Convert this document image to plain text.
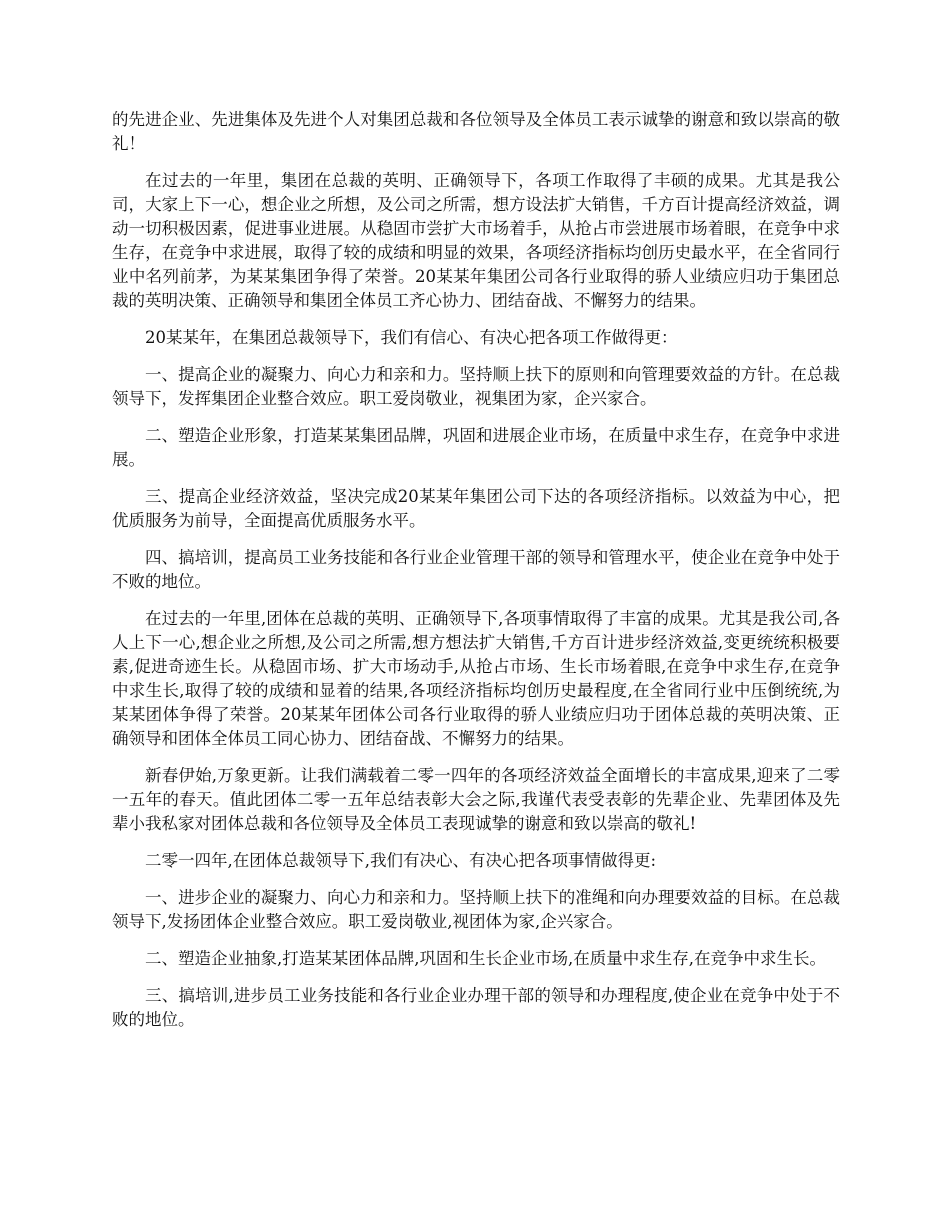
的先进企业、先进集体及先进个人对集团总裁和各位领导及全体员工表示诚挚的谢意和致以崇高的敬礼！

在过去的一年里，集团在总裁的英明、正确领导下，各项工作取得了丰硕的成果。尤其是我公司，大家上下一心，想企业之所想，及公司之所需，想方设法扩大销售，千方百计提高经济效益，调动一切积极因素，促进事业进展。从稳固市尝扩大市场着手，从抢占市尝进展市场着眼，在竞争中求生存，在竞争中求进展，取得了较的成绩和明显的效果，各项经济指标均创历史最水平，在全省同行业中名列前茅，为某某集团争得了荣誉。20某某年集团公司各行业取得的骄人业绩应归功于集团总裁的英明决策、正确领导和集团全体员工齐心协力、团结奋战、不懈努力的结果。

20某某年，在集团总裁领导下，我们有信心、有决心把各项工作做得更：

一、提高企业的凝聚力、向心力和亲和力。坚持顺上扶下的原则和向管理要效益的方针。在总裁领导下，发挥集团企业整合效应。职工爱岗敬业，视集团为家，企兴家合。

二、塑造企业形象，打造某某集团品牌，巩固和进展企业市场，在质量中求生存，在竞争中求进展。

三、提高企业经济效益，坚决完成20某某年集团公司下达的各项经济指标。以效益为中心，把优质服务为前导，全面提高优质服务水平。

四、搞培训，提高员工业务技能和各行业企业管理干部的领导和管理水平，使企业在竞争中处于不败的地位。

在过去的一年里,团体在总裁的英明、正确领导下,各项事情取得了丰富的成果。尤其是我公司,各人上下一心,想企业之所想,及公司之所需,想方想法扩大销售,千方百计进步经济效益,变更统统积极要素,促进奇迹生长。从稳固市场、扩大市场动手,从抢占市场、生长市场着眼,在竞争中求生存,在竞争中求生长,取得了较的成绩和显着的结果,各项经济指标均创历史最程度,在全省同行业中压倒统统,为某某团体争得了荣誉。20某某年团体公司各行业取得的骄人业绩应归功于团体总裁的英明决策、正确领导和团体全体员工同心协力、团结奋战、不懈努力的结果。

新春伊始,万象更新。让我们满载着二零一四年的各项经济效益全面增长的丰富成果,迎来了二零一五年的春天。值此团体二零一五年总结表彰大会之际,我谨代表受表彰的先辈企业、先辈团体及先辈小我私家对团体总裁和各位领导及全体员工表现诚挚的谢意和致以崇高的敬礼!

二零一四年,在团体总裁领导下,我们有决心、有决心把各项事情做得更:

一、进步企业的凝聚力、向心力和亲和力。坚持顺上扶下的准绳和向办理要效益的目标。在总裁领导下,发扬团体企业整合效应。职工爱岗敬业,视团体为家,企兴家合。

二、塑造企业抽象,打造某某团体品牌,巩固和生长企业市场,在质量中求生存,在竞争中求生长。

三、搞培训,进步员工业务技能和各行业企业办理干部的领导和办理程度,使企业在竞争中处于不败的地位。
